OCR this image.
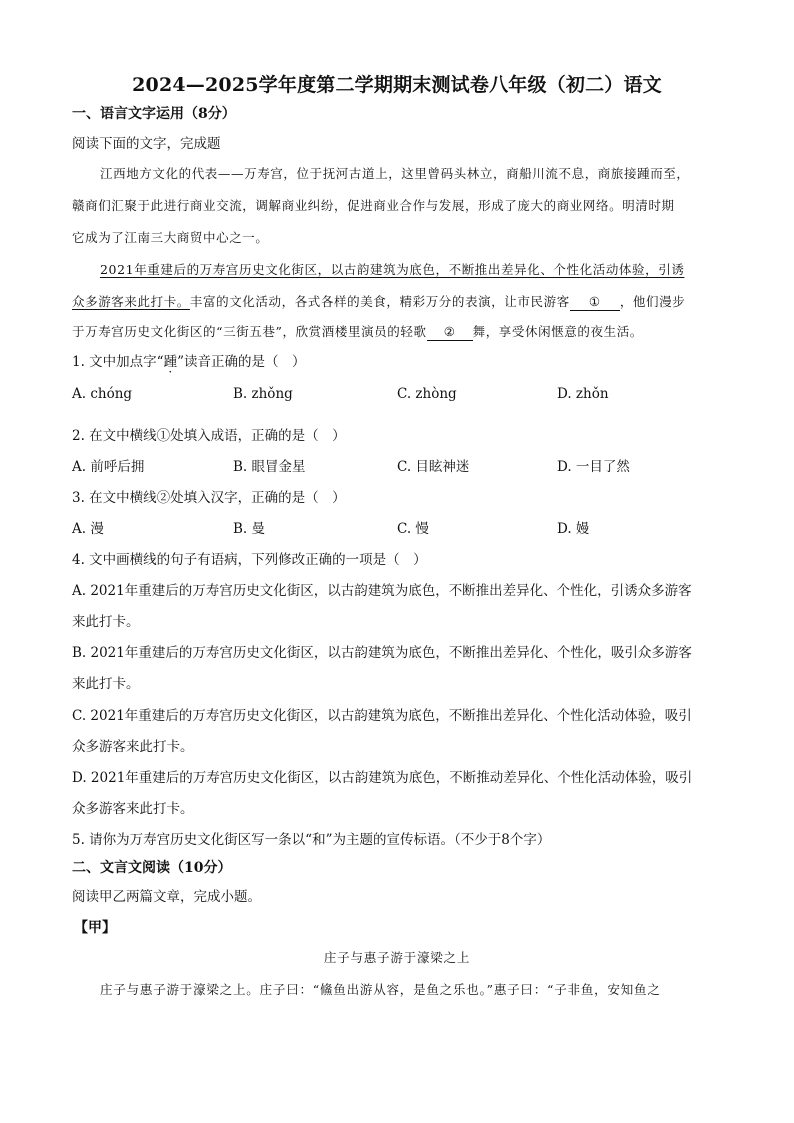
2024—2025学年度第二学期期末测试卷八年级（初二）语文
一、语言文字运用（8分）
阅读下面的文字，完成题
江西地方文化的代表——万寿宫，位于抚河古道上，这里曾码头林立，商船川流不息，商旅接踵而至，
赣商们汇聚于此进行商业交流，调解商业纠纷，促进商业合作与发展，形成了庞大的商业网络。明清时期
它成为了江南三大商贸中心之一。
2021年重建后的万寿宫历史文化街区，以古韵建筑为底色，不断推出差异化、个性化活动体验，引诱
众多游客来此打卡。丰富的文化活动，各式各样的美食，精彩万分的表演，让市民游客 ① ，他们漫步
于万寿宫历史文化街区的“三街五巷”，欣赏酒楼里演员的轻歌 ② 舞，享受休闲惬意的夜生活。
1. 文中加点字“踵”读音正确的是（　）
A. chóng	B. zhǒng	C. zhòng	D. zhǒn
2. 在文中横线①处填入成语，正确的是（　）
A. 前呼后拥	B. 眼冒金星	C. 目眩神迷	D. 一目了然
3. 在文中横线②处填入汉字，正确的是（　）
A. 漫	B. 曼	C. 慢	D. 嫚
4. 文中画横线的句子有语病，下列修改正确的一项是（　）
A. 2021年重建后的万寿宫历史文化街区，以古韵建筑为底色，不断推出差异化、个性化，引诱众多游客
来此打卡。
B. 2021年重建后的万寿宫历史文化街区，以古韵建筑为底色，不断推出差异化、个性化，吸引众多游客
来此打卡。
C. 2021年重建后的万寿宫历史文化街区，以古韵建筑为底色，不断推出差异化、个性化活动体验，吸引
众多游客来此打卡。
D. 2021年重建后的万寿宫历史文化街区，以古韵建筑为底色，不断推动差异化、个性化活动体验，吸引
众多游客来此打卡。
5. 请你为万寿宫历史文化街区写一条以“和”为主题的宣传标语。（不少于8个字）
二、文言文阅读（10分）
阅读甲乙两篇文章，完成小题。
【甲】
庄子与惠子游于濠梁之上
庄子与惠子游于濠梁之上。庄子曰：“鯈鱼出游从容，是鱼之乐也。”惠子曰：“子非鱼，安知鱼之
